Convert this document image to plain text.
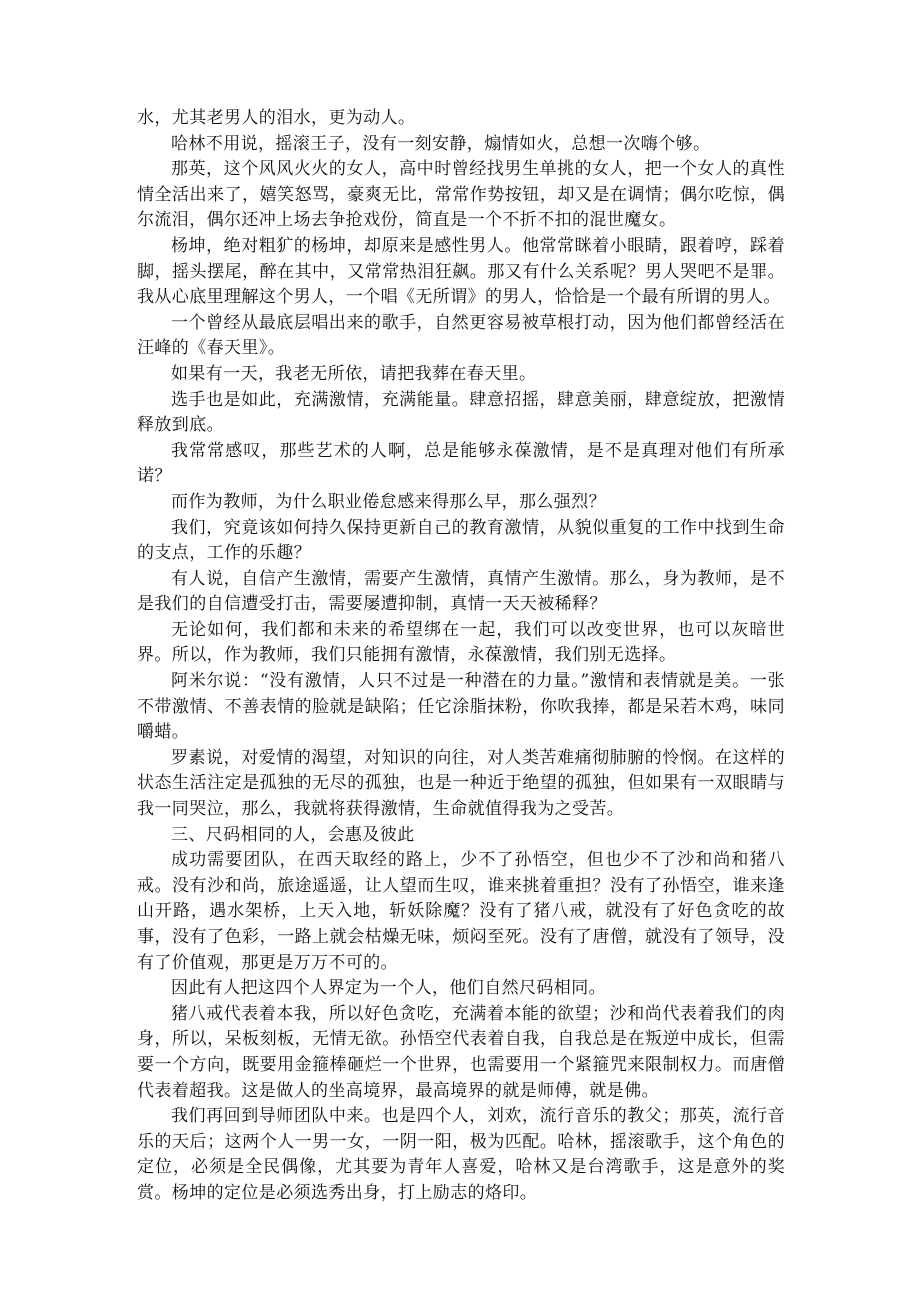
水，尤其老男人的泪水，更为动人。

哈林不用说，摇滚王子，没有一刻安静，煽情如火，总想一次嗨个够。

那英，这个风风火火的女人，高中时曾经找男生单挑的女人，把一个女人的真性情全活出来了，嬉笑怒骂，豪爽无比，常常作势按钮，却又是在调情；偶尔吃惊，偶尔流泪，偶尔还冲上场去争抢戏份，简直是一个不折不扣的混世魔女。

杨坤，绝对粗犷的杨坤，却原来是感性男人。他常常眯着小眼睛，跟着哼，踩着脚，摇头摆尾，醉在其中，又常常热泪狂飙。那又有什么关系呢？男人哭吧不是罪。我从心底里理解这个男人，一个唱《无所谓》的男人，恰恰是一个最有所谓的男人。

一个曾经从最底层唱出来的歌手，自然更容易被草根打动，因为他们都曾经活在汪峰的《春天里》。

如果有一天，我老无所依，请把我葬在春天里。

选手也是如此，充满激情，充满能量。肆意招摇，肆意美丽，肆意绽放，把激情释放到底。

我常常感叹，那些艺术的人啊，总是能够永葆激情，是不是真理对他们有所承诺？

而作为教师，为什么职业倦怠感来得那么早，那么强烈？

我们，究竟该如何持久保持更新自己的教育激情，从貌似重复的工作中找到生命的支点，工作的乐趣？

有人说，自信产生激情，需要产生激情，真情产生激情。那么，身为教师，是不是我们的自信遭受打击，需要屡遭抑制，真情一天天被稀释？

无论如何，我们都和未来的希望绑在一起，我们可以改变世界，也可以灰暗世界。所以，作为教师，我们只能拥有激情，永葆激情，我们别无选择。

阿米尔说：“没有激情，人只不过是一种潜在的力量。”激情和表情就是美。一张不带激情、不善表情的脸就是缺陷；任它涂脂抹粉，你吹我捧，都是呆若木鸡，味同嚼蜡。

罗素说，对爱情的渴望，对知识的向往，对人类苦难痛彻肺腑的怜悯。在这样的状态生活注定是孤独的无尽的孤独，也是一种近于绝望的孤独，但如果有一双眼睛与我一同哭泣，那么，我就将获得激情，生命就值得我为之受苦。

三、尺码相同的人，会惠及彼此

成功需要团队，在西天取经的路上，少不了孙悟空，但也少不了沙和尚和猪八戒。没有沙和尚，旅途遥遥，让人望而生叹，谁来挑着重担？没有了孙悟空，谁来逢山开路，遇水架桥，上天入地，斩妖除魔？没有了猪八戒，就没有了好色贪吃的故事，没有了色彩，一路上就会枯燥无味，烦闷至死。没有了唐僧，就没有了领导，没有了价值观，那更是万万不可的。

因此有人把这四个人界定为一个人，他们自然尺码相同。

猪八戒代表着本我，所以好色贪吃，充满着本能的欲望；沙和尚代表着我们的肉身，所以，呆板刻板，无情无欲。孙悟空代表着自我，自我总是在叛逆中成长，但需要一个方向，既要用金箍棒砸烂一个世界，也需要用一个紧箍咒来限制权力。而唐僧代表着超我。这是做人的坐高境界，最高境界的就是师傅，就是佛。

我们再回到导师团队中来。也是四个人，刘欢，流行音乐的教父；那英，流行音乐的天后；这两个人一男一女，一阴一阳，极为匹配。哈林，摇滚歌手，这个角色的定位，必须是全民偶像，尤其要为青年人喜爱，哈林又是台湾歌手，这是意外的奖赏。杨坤的定位是必须选秀出身，打上励志的烙印。
